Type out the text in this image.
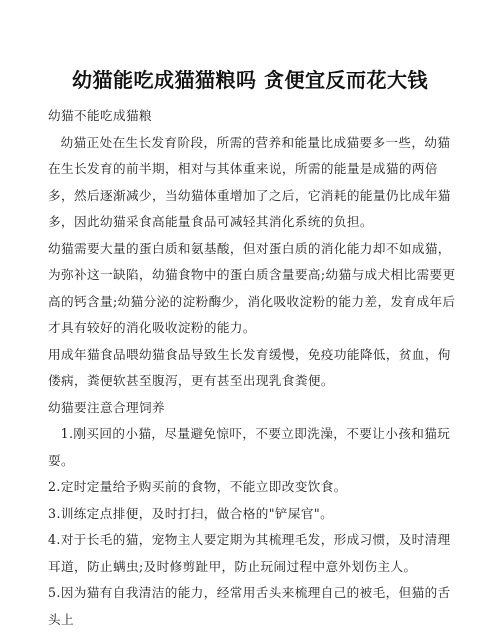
幼猫能吃成猫猫粮吗 贪便宜反而花大钱

幼猫不能吃成猫粮

幼猫正处在生长发育阶段，所需的营养和能量比成猫要多一些，幼猫在生长发育的前半期，相对与其体重来说，所需的能量是成猫的两倍多，然后逐渐减少，当幼猫体重增加了之后，它消耗的能量仍比成年猫多，因此幼猫采食高能量食品可减轻其消化系统的负担。

幼猫需要大量的蛋白质和氨基酸，但对蛋白质的消化能力却不如成猫，为弥补这一缺陷，幼猫食物中的蛋白质含量要高;幼猫与成犬相比需要更高的钙含量;幼猫分泌的淀粉酶少，消化吸收淀粉的能力差，发育成年后才具有较好的消化吸收淀粉的能力。

用成年猫食品喂幼猫食品导致生长发育缓慢，免疫功能降低，贫血，佝偻病，粪便软甚至腹泻，更有甚至出现乳食粪便。

幼猫要注意合理饲养

1.刚买回的小猫，尽量避免惊吓，不要立即洗澡，不要让小孩和猫玩耍。

2.定时定量给予购买前的食物，不能立即改变饮食。

3.训练定点排便，及时打扫，做合格的"铲屎官"。

4.对于长毛的猫，宠物主人要定期为其梳理毛发，形成习惯，及时清理耳道，防止螨虫;及时修剪趾甲，防止玩闹过程中意外划伤主人。

5.因为猫有自我清洁的能力，经常用舌头来梳理自己的被毛，但猫的舌头上
